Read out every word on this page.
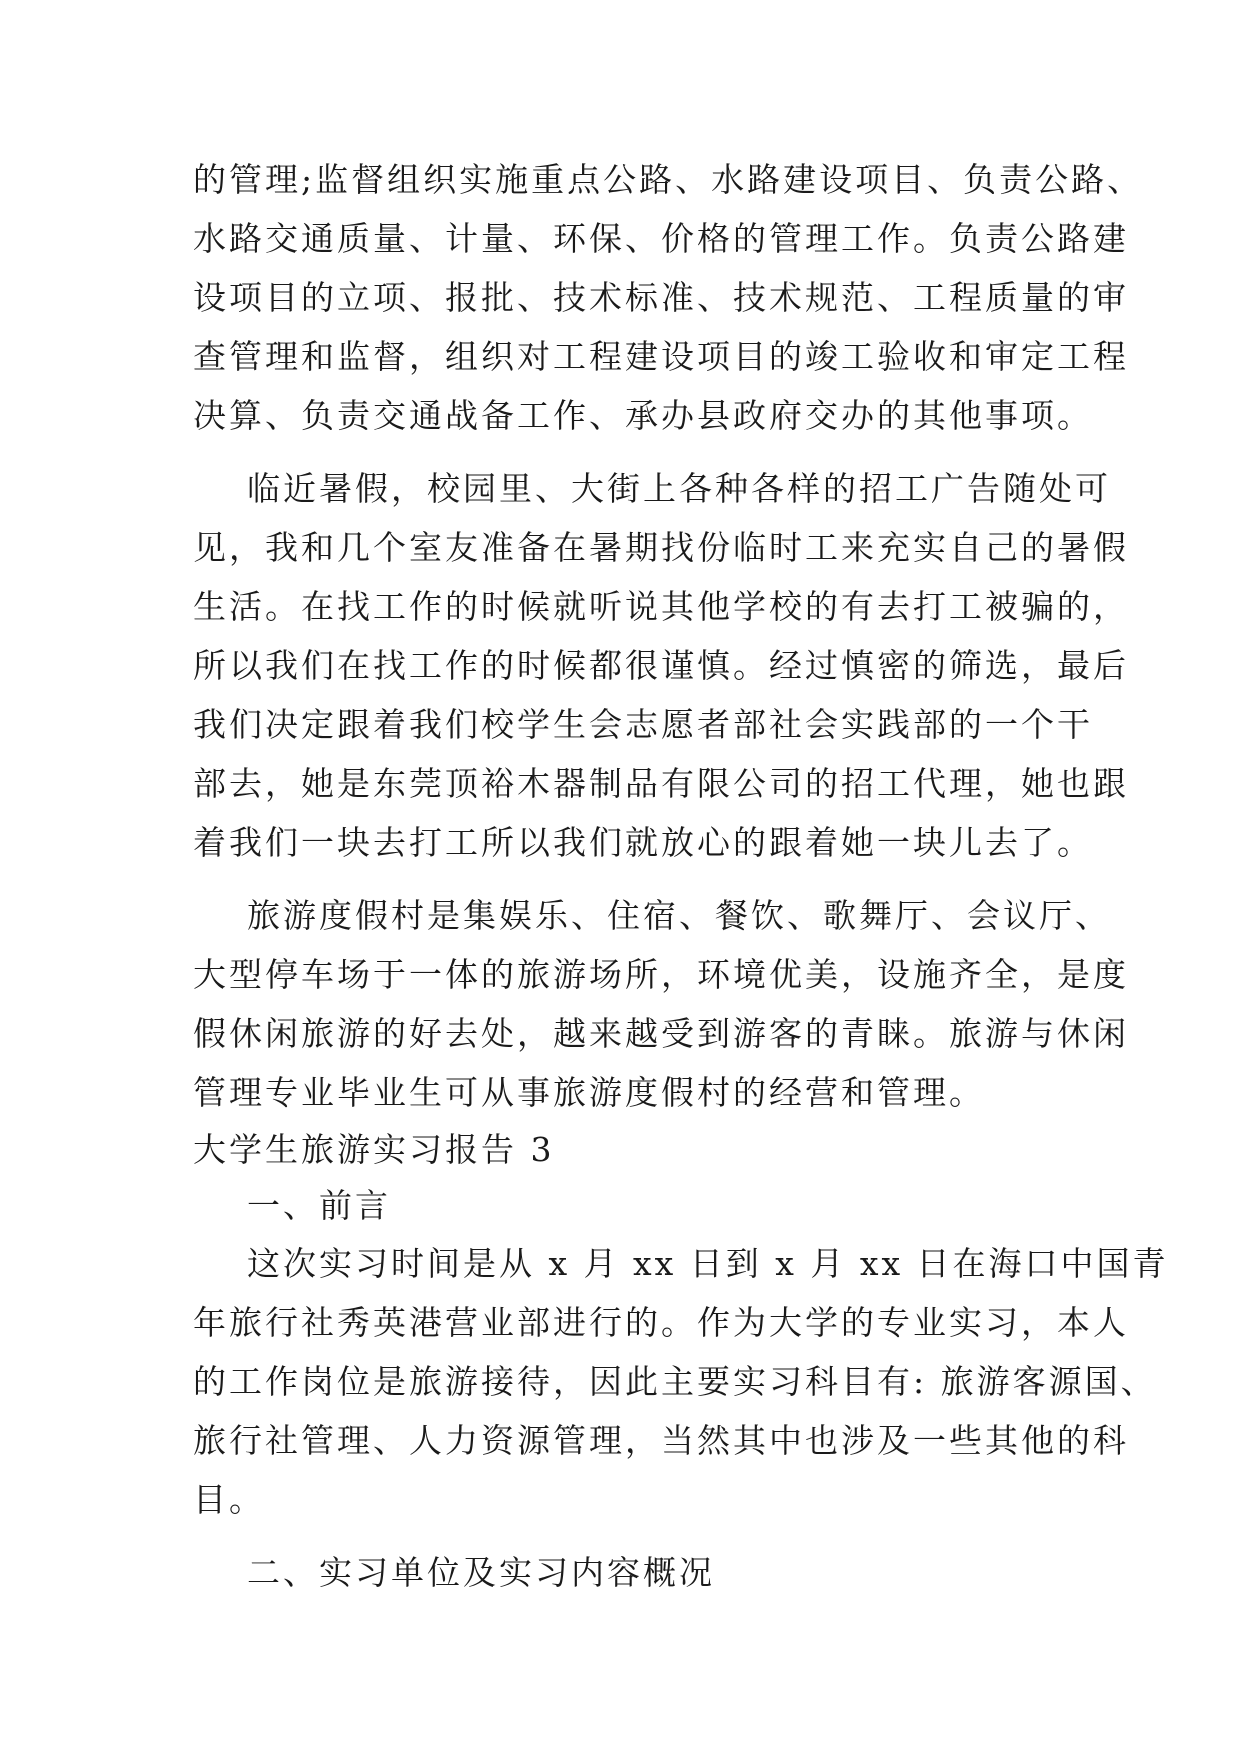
的管理;监督组织实施重点公路、水路建设项目、负责公路、
水路交通质量、计量、环保、价格的管理工作。负责公路建
设项目的立项、报批、技术标准、技术规范、工程质量的审
查管理和监督，组织对工程建设项目的竣工验收和审定工程
决算、负责交通战备工作、承办县政府交办的其他事项。
临近暑假，校园里、大街上各种各样的招工广告随处可
见，我和几个室友准备在暑期找份临时工来充实自己的暑假
生活。在找工作的时候就听说其他学校的有去打工被骗的，
所以我们在找工作的时候都很谨慎。经过慎密的筛选，最后
我们决定跟着我们校学生会志愿者部社会实践部的一个干
部去，她是东莞顶裕木器制品有限公司的招工代理，她也跟
着我们一块去打工所以我们就放心的跟着她一块儿去了。
旅游度假村是集娱乐、住宿、餐饮、歌舞厅、会议厅、
大型停车场于一体的旅游场所，环境优美，设施齐全，是度
假休闲旅游的好去处，越来越受到游客的青睐。旅游与休闲
管理专业毕业生可从事旅游度假村的经营和管理。
大学生旅游实习报告 3
一、前言
这次实习时间是从 x 月 xx 日到 x 月 xx 日在海口中国青
年旅行社秀英港营业部进行的。作为大学的专业实习，本人
的工作岗位是旅游接待，因此主要实习科目有: 旅游客源国、
旅行社管理、人力资源管理，当然其中也涉及一些其他的科
目。
二、实习单位及实习内容概况
